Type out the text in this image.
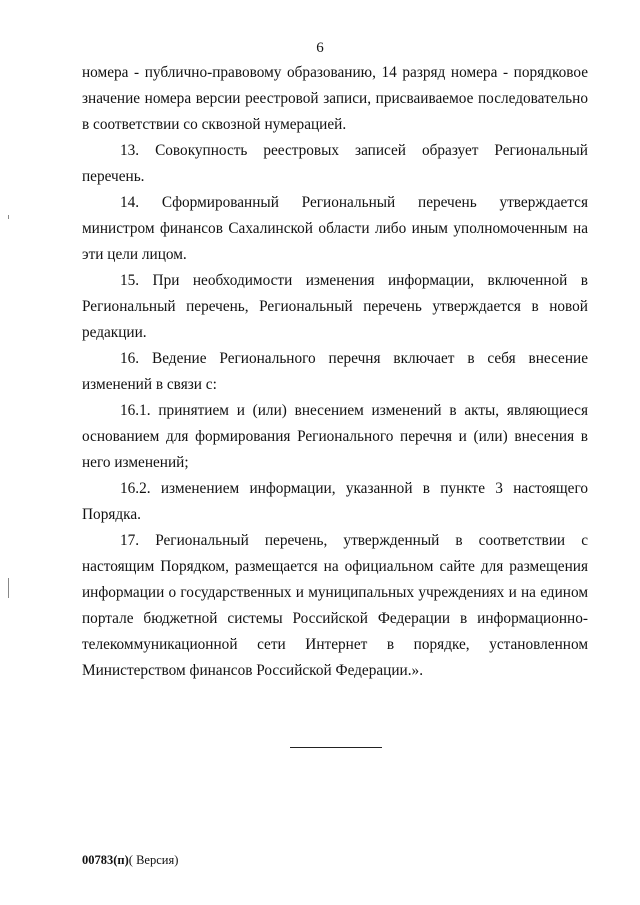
6

номера - публично-правовому образованию, 14 разряд номера - порядковое значение номера версии реестровой записи, присваиваемое последовательно в соответствии со сквозной нумерацией.

13. Совокупность реестровых записей образует Региональный перечень.

14. Сформированный Региональный перечень утверждается министром финансов Сахалинской области либо иным уполномоченным на эти цели лицом.

15. При необходимости изменения информации, включенной в Региональный перечень, Региональный перечень утверждается в новой редакции.

16. Ведение Регионального перечня включает в себя внесение изменений в связи с:

16.1. принятием и (или) внесением изменений в акты, являющиеся основанием для формирования Регионального перечня и (или) внесения в него изменений;

16.2. изменением информации, указанной в пункте 3 настоящего Порядка.

17. Региональный перечень, утвержденный в соответствии с настоящим Порядком, размещается на официальном сайте для размещения информации о государственных и муниципальных учреждениях и на едином портале бюджетной системы Российской Федерации в информационно-телекоммуникационной сети Интернет в порядке, установленном Министерством финансов Российской Федерации.».

00783(п)( Версия)
